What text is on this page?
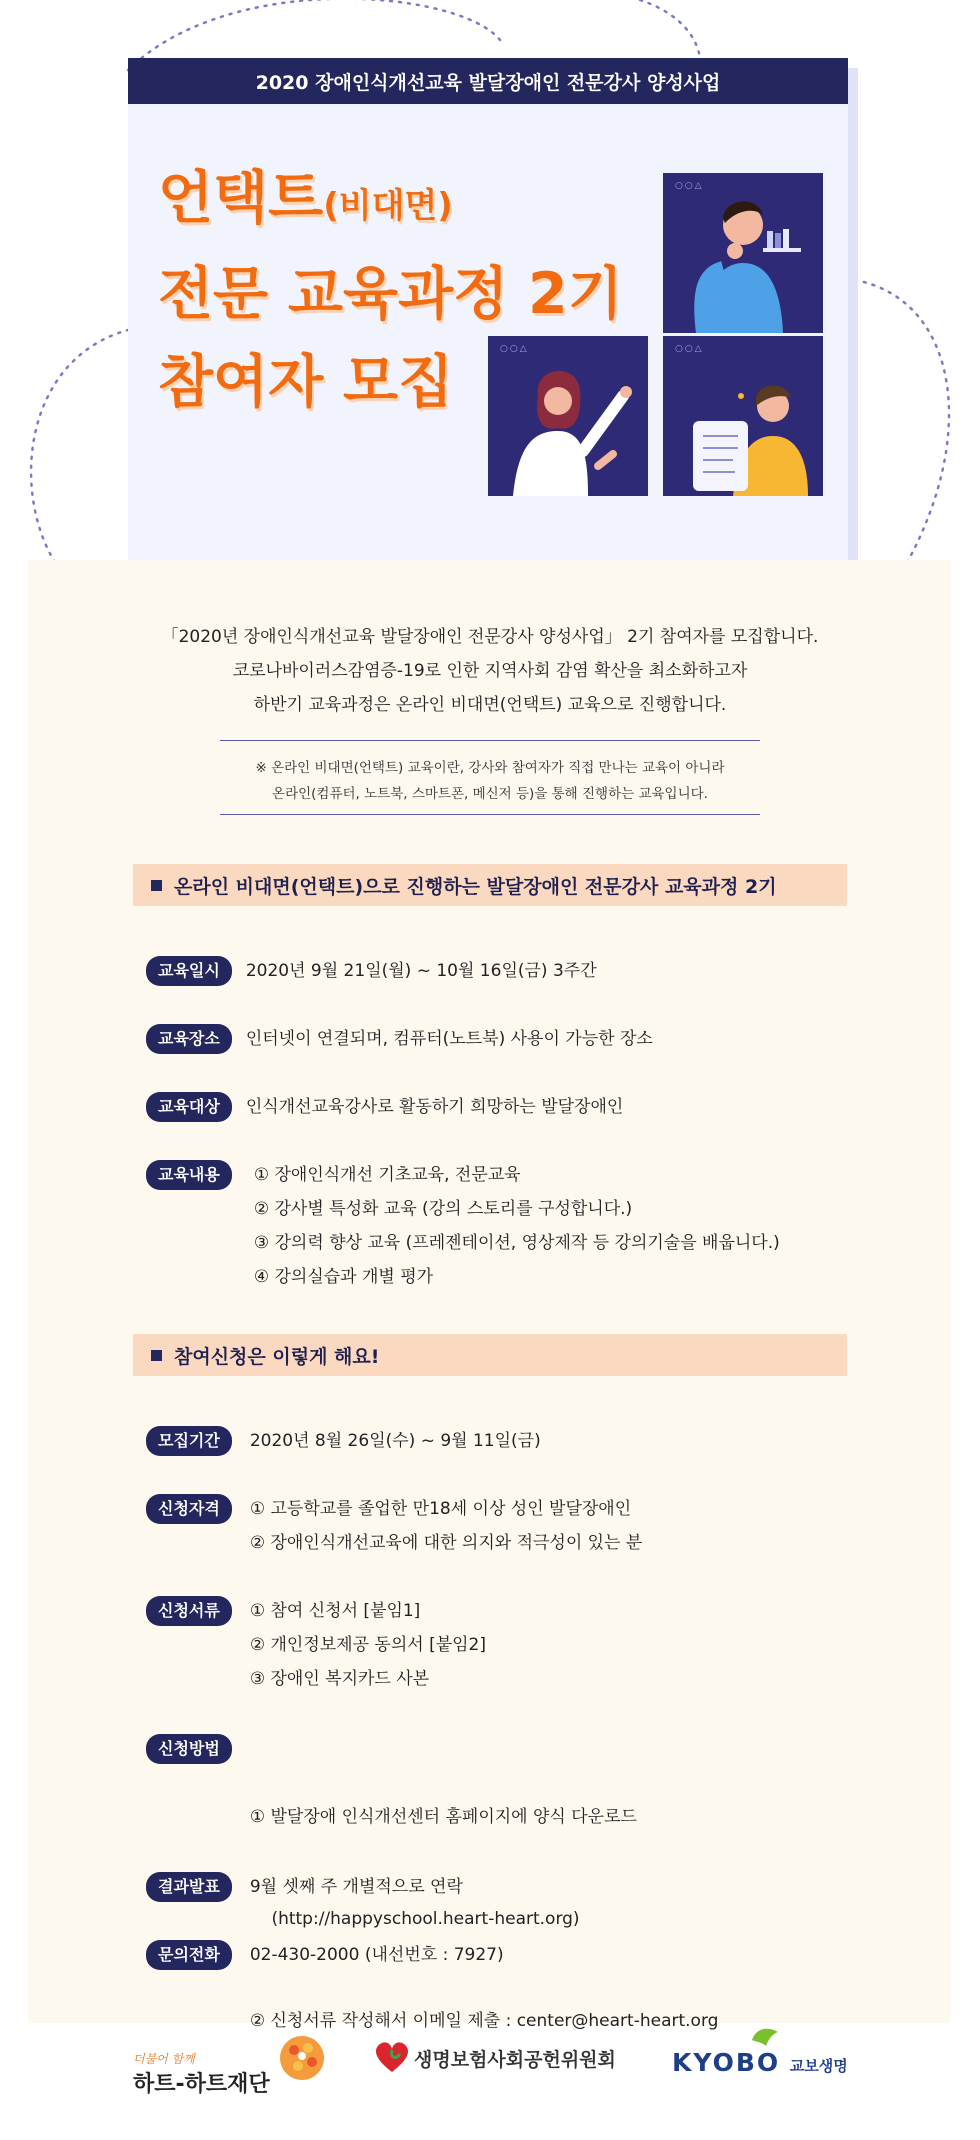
2020 장애인식개선교육 발달장애인 전문강사 양성사업
언택트(비대면)
전문 교육과정 2기
참여자 모집
○○△
○○△	○○△
「2020년 장애인식개선교육 발달장애인 전문강사 양성사업」 2기 참여자를 모집합니다.
코로나바이러스감염증-19로 인한 지역사회 감염 확산을 최소화하고자
하반기 교육과정은 온라인 비대면(언택트) 교육으로 진행합니다.
※ 온라인 비대면(언택트) 교육이란, 강사와 참여자가 직접 만나는 교육이 아니라
온라인(컴퓨터, 노트북, 스마트폰, 메신저 등)을 통해 진행하는 교육입니다.
온라인 비대면(언택트)으로 진행하는 발달장애인 전문강사 교육과정 2기
교육일시	2020년 9월 21일(월) ~ 10월 16일(금) 3주간
교육장소	인터넷이 연결되며, 컴퓨터(노트북) 사용이 가능한 장소
교육대상	인식개선교육강사로 활동하기 희망하는 발달장애인
교육내용	① 장애인식개선 기초교육, 전문교육
② 강사별 특성화 교육 (강의 스토리를 구성합니다.)
③ 강의력 향상 교육 (프레젠테이션, 영상제작 등 강의기술을 배웁니다.)
④ 강의실습과 개별 평가
참여신청은 이렇게 해요!
모집기간	2020년 8월 26일(수) ~ 9월 11일(금)
신청자격	① 고등학교를 졸업한 만18세 이상 성인 발달장애인
② 장애인식개선교육에 대한 의지와 적극성이 있는 분
신청서류	① 참여 신청서 [붙임1]
② 개인정보제공 동의서 [붙임2]
③ 장애인 복지카드 사본
신청방법

① 발달장애 인식개선센터 홈페이지에 양식 다운로드

(http://happyschool.heart-heart.org)

② 신청서류 작성해서 이메일 제출 : center@heart-heart.org

결과발표	9월 셋째 주 개별적으로 연락
문의전화	02-430-2000 (내선번호 : 7927)
더불어 함께
하트-하트재단
생명보험사회공헌위원회 KYOBO 교보생명
